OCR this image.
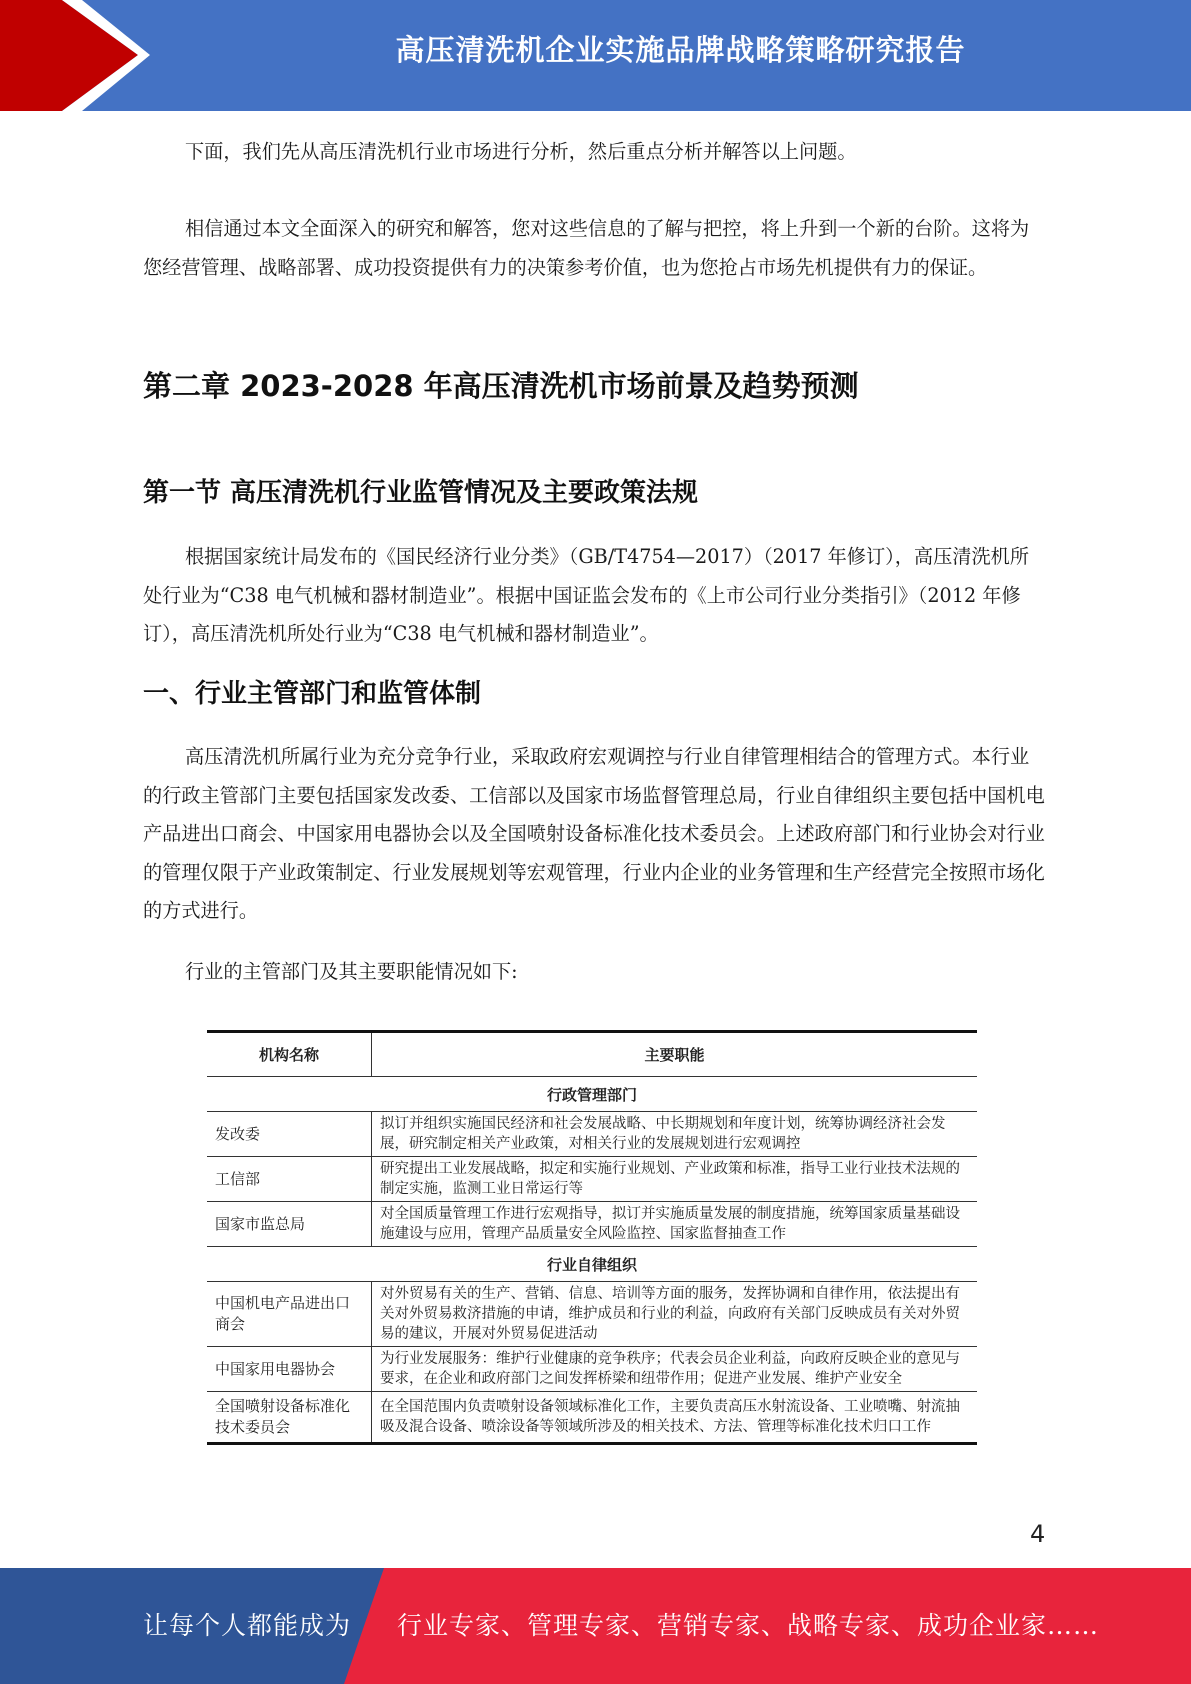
高压清洗机企业实施品牌战略策略研究报告

下面，我们先从高压清洗机行业市场进行分析，然后重点分析并解答以上问题。

相信通过本文全面深入的研究和解答，您对这些信息的了解与把控，将上升到一个新的台阶。这将为您经营管理、战略部署、成功投资提供有力的决策参考价值，也为您抢占市场先机提供有力的保证。

第二章 2023-2028 年高压清洗机市场前景及趋势预测
第一节 高压清洗机行业监管情况及主要政策法规

根据国家统计局发布的《国民经济行业分类》（GB/T4754—2017）（2017 年修订），高压清洗机所处行业为“C38 电气机械和器材制造业”。根据中国证监会发布的《上市公司行业分类指引》（2012 年修订），高压清洗机所处行业为“C38 电气机械和器材制造业”。

一、行业主管部门和监管体制

高压清洗机所属行业为充分竞争行业，采取政府宏观调控与行业自律管理相结合的管理方式。本行业的行政主管部门主要包括国家发改委、工信部以及国家市场监督管理总局，行业自律组织主要包括中国机电产品进出口商会、中国家用电器协会以及全国喷射设备标准化技术委员会。上述政府部门和行业协会对行业的管理仅限于产业政策制定、行业发展规划等宏观管理，行业内企业的业务管理和生产经营完全按照市场化的方式进行。

行业的主管部门及其主要职能情况如下:

机构名称	主要职能
行政管理部门	
发改委	拟订并组织实施国民经济和社会发展战略、中长期规划和年度计划，统筹协调经济社会发展，研究制定相关产业政策，对相关行业的发展规划进行宏观调控
工信部	研究提出工业发展战略，拟定和实施行业规划、产业政策和标准，指导工业行业技术法规的制定实施，监测工业日常运行等
国家市监总局	对全国质量管理工作进行宏观指导，拟订并实施质量发展的制度措施，统筹国家质量基础设施建设与应用，管理产品质量安全风险监控、国家监督抽查工作
行业自律组织	
中国机电产品进出口商会	对外贸易有关的生产、营销、信息、培训等方面的服务，发挥协调和自律作用，依法提出有关对外贸易救济措施的申请，维护成员和行业的利益，向政府有关部门反映成员有关对外贸易的建议，开展对外贸易促进活动
中国家用电器协会	为行业发展服务：维护行业健康的竞争秩序；代表会员企业利益，向政府反映企业的意见与要求，在企业和政府部门之间发挥桥梁和纽带作用；促进产业发展、维护产业安全
全国喷射设备标准化技术委员会	在全国范围内负责喷射设备领域标准化工作，主要负责高压水射流设备、工业喷嘴、射流抽吸及混合设备、喷涂设备等领域所涉及的相关技术、方法、管理等标准化技术归口工作
4
让每个人都能成为 行业专家、管理专家、营销专家、战略专家、成功企业家……
